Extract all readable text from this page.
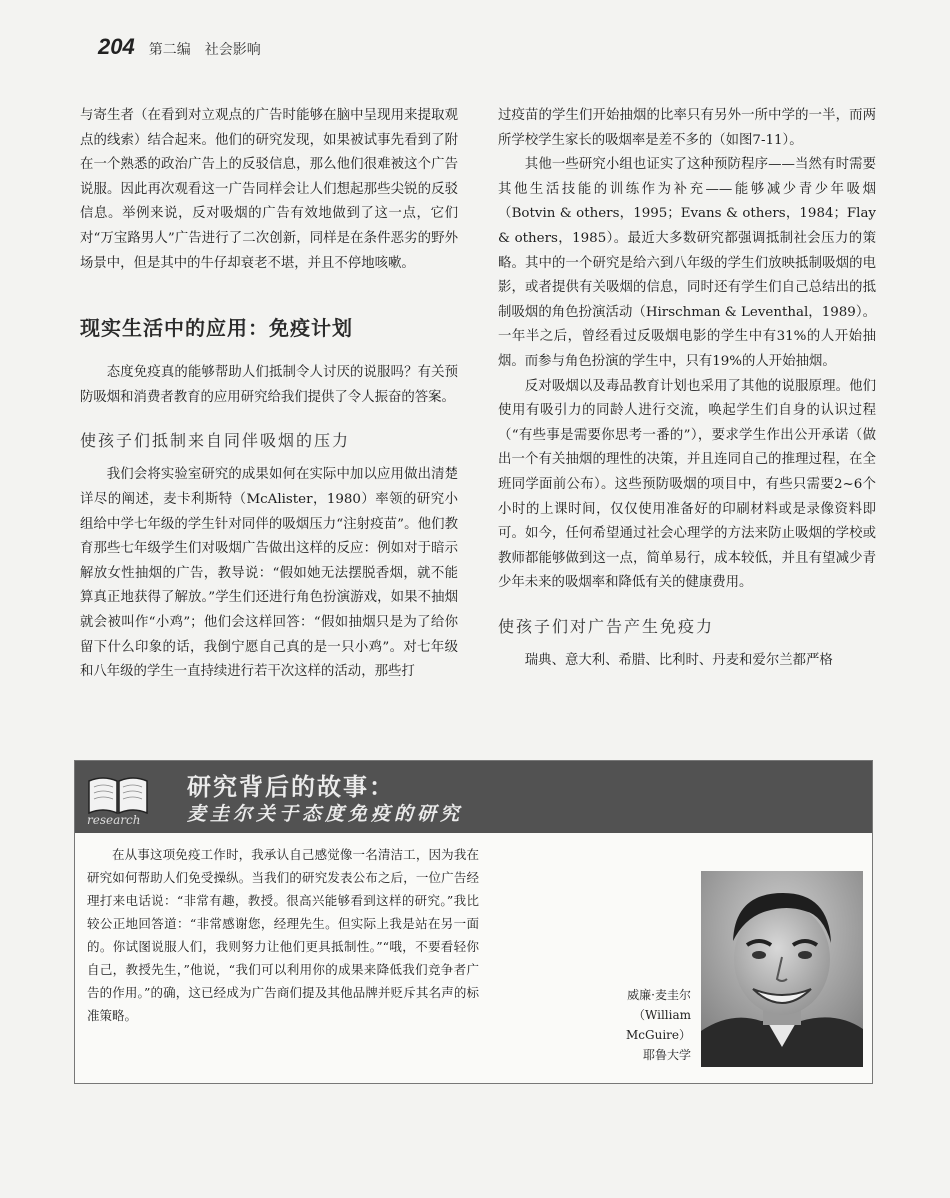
204 第二编 社会影响

与寄生者（在看到对立观点的广告时能够在脑中呈现用来提取观点的线索）结合起来。他们的研究发现，如果被试事先看到了附在一个熟悉的政治广告上的反驳信息，那么他们很难被这个广告说服。因此再次观看这一广告同样会让人们想起那些尖锐的反驳信息。举例来说，反对吸烟的广告有效地做到了这一点，它们对“万宝路男人”广告进行了二次创新，同样是在条件恶劣的野外场景中，但是其中的牛仔却衰老不堪，并且不停地咳嗽。

现实生活中的应用：免疫计划

态度免疫真的能够帮助人们抵制令人讨厌的说服吗？有关预防吸烟和消费者教育的应用研究给我们提供了令人振奋的答案。

使孩子们抵制来自同伴吸烟的压力

我们会将实验室研究的成果如何在实际中加以应用做出清楚详尽的阐述，麦卡利斯特（McAlister，1980）率领的研究小组给中学七年级的学生针对同伴的吸烟压力“注射疫苗”。他们教育那些七年级学生们对吸烟广告做出这样的反应：例如对于暗示解放女性抽烟的广告，教导说：“假如她无法摆脱香烟，就不能算真正地获得了解放。”学生们还进行角色扮演游戏，如果不抽烟就会被叫作“小鸡”；他们会这样回答：“假如抽烟只是为了给你留下什么印象的话，我倒宁愿自己真的是一只小鸡”。对七年级和八年级的学生一直持续进行若干次这样的活动，那些打

过疫苗的学生们开始抽烟的比率只有另外一所中学的一半，而两所学校学生家长的吸烟率是差不多的（如图7-11）。

其他一些研究小组也证实了这种预防程序——当然有时需要其他生活技能的训练作为补充——能够减少青少年吸烟（Botvin & others，1995；Evans & others，1984；Flay & others，1985）。最近大多数研究都强调抵制社会压力的策略。其中的一个研究是给六到八年级的学生们放映抵制吸烟的电影，或者提供有关吸烟的信息，同时还有学生们自己总结出的抵制吸烟的角色扮演活动（Hirschman & Leventhal，1989）。一年半之后，曾经看过反吸烟电影的学生中有31%的人开始抽烟。而参与角色扮演的学生中，只有19%的人开始抽烟。

反对吸烟以及毒品教育计划也采用了其他的说服原理。他们使用有吸引力的同龄人进行交流，唤起学生们自身的认识过程（“有些事是需要你思考一番的”），要求学生作出公开承诺（做出一个有关抽烟的理性的决策，并且连同自己的推理过程，在全班同学面前公布）。这些预防吸烟的项目中，有些只需要2~6个小时的上课时间，仅仅使用准备好的印刷材料或是录像资料即可。如今，任何希望通过社会心理学的方法来防止吸烟的学校或教师都能够做到这一点，简单易行，成本较低，并且有望减少青少年未来的吸烟率和降低有关的健康费用。

使孩子们对广告产生免疫力

瑞典、意大利、希腊、比利时、丹麦和爱尔兰都严格

research
研究背后的故事：
麦圭尔关于态度免疫的研究

在从事这项免疫工作时，我承认自己感觉像一名清洁工，因为我在研究如何帮助人们免受操纵。当我们的研究发表公布之后，一位广告经理打来电话说：“非常有趣，教授。很高兴能够看到这样的研究。”我比较公正地回答道：“非常感谢您，经理先生。但实际上我是站在另一面的。你试图说服人们，我则努力让他们更具抵制性。”“哦，不要看轻你自己，教授先生，”他说，“我们可以利用你的成果来降低我们竞争者广告的作用。”的确，这已经成为广告商们提及其他品牌并贬斥其名声的标准策略。

威廉·麦圭尔
（William McGuire）
耶鲁大学
